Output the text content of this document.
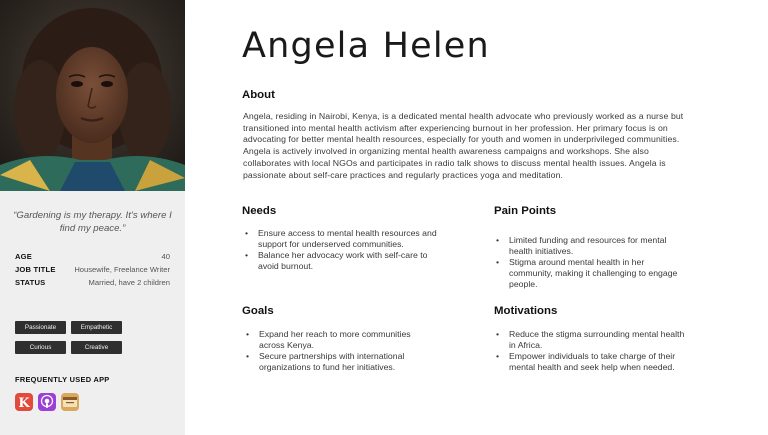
“Gardening is my therapy. It’s where I find my peace.”
AGE	40
JOB TITLE Housewife, Freelance Writer
STATUS	Married, have 2 children
Passionate	Empathetic
Curious	Creative
FREQUENTLY USED APP
K
Angela Helen
About
Angela, residing in Nairobi, Kenya, is a dedicated mental health advocate who previously worked as a nurse but transitioned into mental health activism after experiencing burnout in her profession. Her primary focus is on advocating for better mental health resources, especially for youth and women in underprivileged communities. Angela is actively involved in organizing mental health awareness campaigns and workshops. She also collaborates with local NGOs and participates in radio talk shows to discuss mental health issues. Angela is passionate about self-care practices and regularly practices yoga and meditation.
Needs
• Ensure access to mental health resources and support for underserved communities.
• Balance her advocacy work with self-care to avoid burnout.
Pain Points
• Limited funding and resources for mental health initiatives.
• Stigma around mental health in her community, making it challenging to engage people.
Goals
• Expand her reach to more communities across Kenya.
• Secure partnerships with international organizations to fund her initiatives.
Motivations
• Reduce the stigma surrounding mental health in Africa.
• Empower individuals to take charge of their mental health and seek help when needed.
